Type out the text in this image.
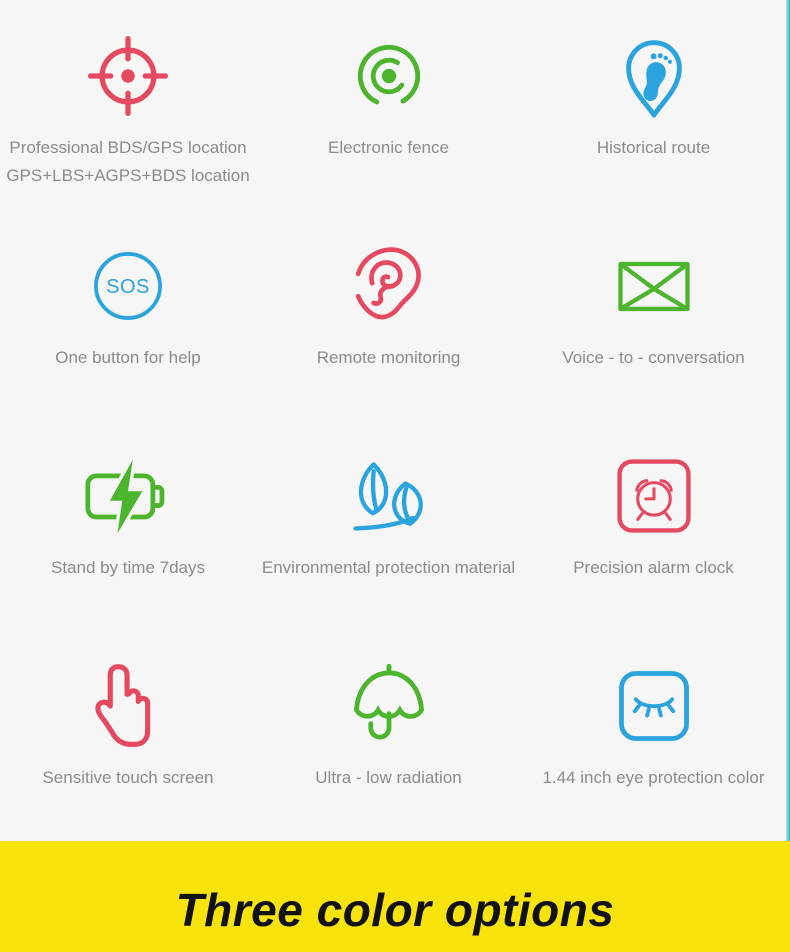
Professional BDS/GPS location
GPS+LBS+AGPS+BDS location
Electronic fence	Historical route
SOS
One button for help	Remote monitoring	Voice - to - conversation
Stand by time 7days	Environmental protection material	Precision alarm clock
Sensitive touch screen	Ultra - low radiation	1.44 inch eye protection color
Three color options
